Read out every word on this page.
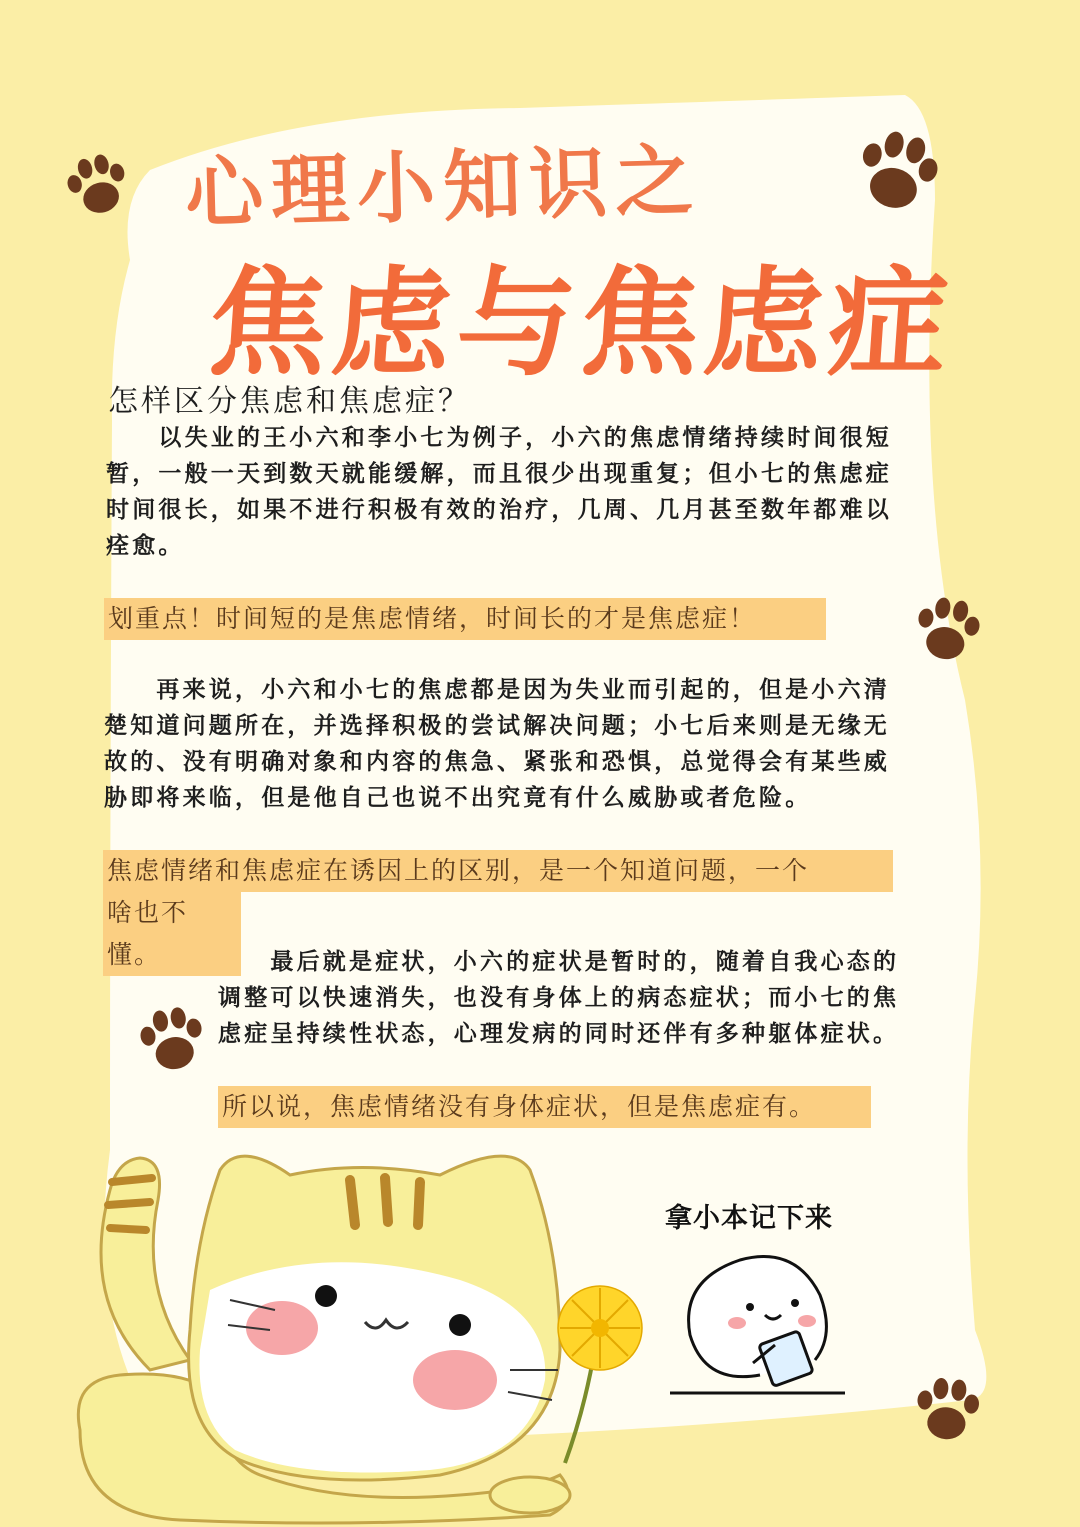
心理小知识之
焦虑与焦虑症
怎样区分焦虑和焦虑症？

　　以失业的王小六和李小七为例子，小六的焦虑情绪持续时间很短暂，一般一天到数天就能缓解，而且很少出现重复；但小七的焦虑症时间很长，如果不进行积极有效的治疗，几周、几月甚至数年都难以痊愈。

划重点！时间短的是焦虑情绪，时间长的才是焦虑症！

　　再来说，小六和小七的焦虑都是因为失业而引起的，但是小六清楚知道问题所在，并选择积极的尝试解决问题；小七后来则是无缘无故的、没有明确对象和内容的焦急、紧张和恐惧，总觉得会有某些威胁即将来临，但是他自己也说不出究竟有什么威胁或者危险。

焦虑情绪和焦虑症在诱因上的区别，是一个知道问题，一个
啥也不懂。	　　最后就是症状，小六的症状是暂时的，随着自我心态的调整可以快速消失，也没有身体上的病态症状；而小七的焦虑症呈持续性状态，心理发病的同时还伴有多种躯体症状。

所以说，焦虑情绪没有身体症状，但是焦虑症有。
拿小本记下来
